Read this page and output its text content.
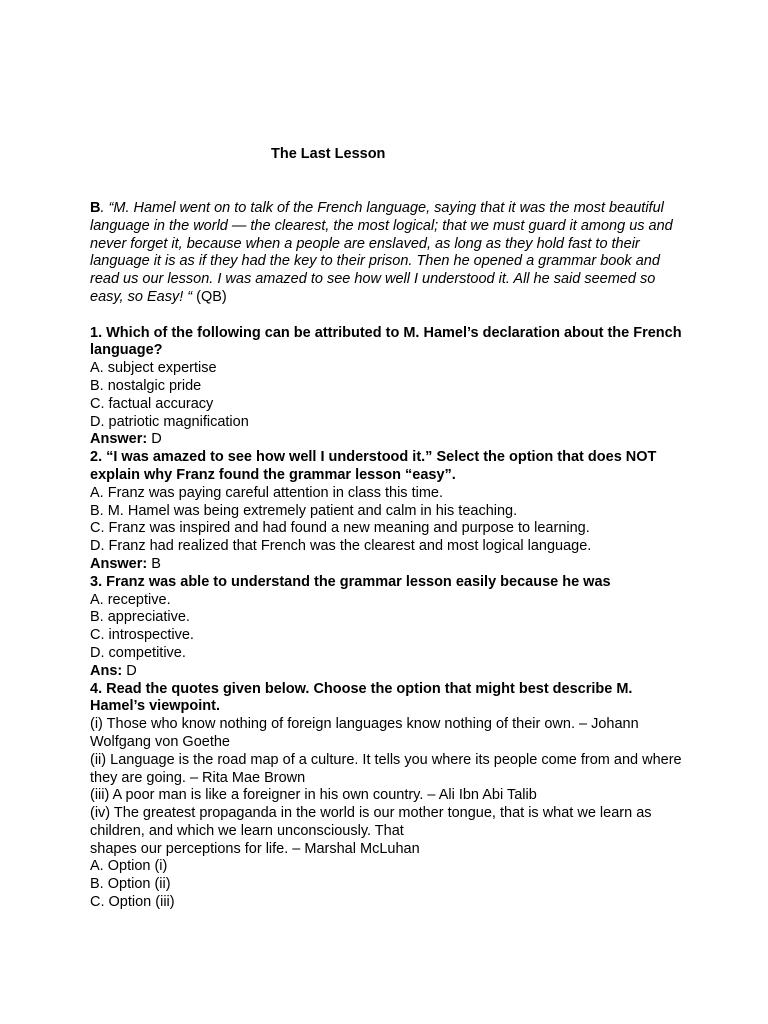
The Last Lesson

B. “M. Hamel went on to talk of the French language, saying that it was the most beautiful language in the world — the clearest, the most logical; that we must guard it among us and never forget it, because when a people are enslaved, as long as they hold fast to their language it is as if they had the key to their prison. Then he opened a grammar book and read us our lesson. I was amazed to see how well I understood it. All he said seemed so easy, so Easy! “ (QB)

1. Which of the following can be attributed to M. Hamel’s declaration about the French language?

A. subject expertise

B. nostalgic pride

C. factual accuracy

D. patriotic magnification

Answer: D

2. “I was amazed to see how well I understood it.” Select the option that does NOT explain why Franz found the grammar lesson “easy”.

A. Franz was paying careful attention in class this time.

B. M. Hamel was being extremely patient and calm in his teaching.

C. Franz was inspired and had found a new meaning and purpose to learning.

D. Franz had realized that French was the clearest and most logical language.

Answer: B

3. Franz was able to understand the grammar lesson easily because he was

A. receptive.

B. appreciative.

C. introspective.

D. competitive.

Ans: D

4. Read the quotes given below. Choose the option that might best describe M. Hamel’s viewpoint.

(i) Those who know nothing of foreign languages know nothing of their own. – Johann Wolfgang von Goethe

(ii) Language is the road map of a culture. It tells you where its people come from and where they are going. – Rita Mae Brown

(iii) A poor man is like a foreigner in his own country. – Ali Ibn Abi Talib

(iv) The greatest propaganda in the world is our mother tongue, that is what we learn as children, and which we learn unconsciously. That

shapes our perceptions for life. – Marshal McLuhan

A. Option (i)

B. Option (ii)

C. Option (iii)
